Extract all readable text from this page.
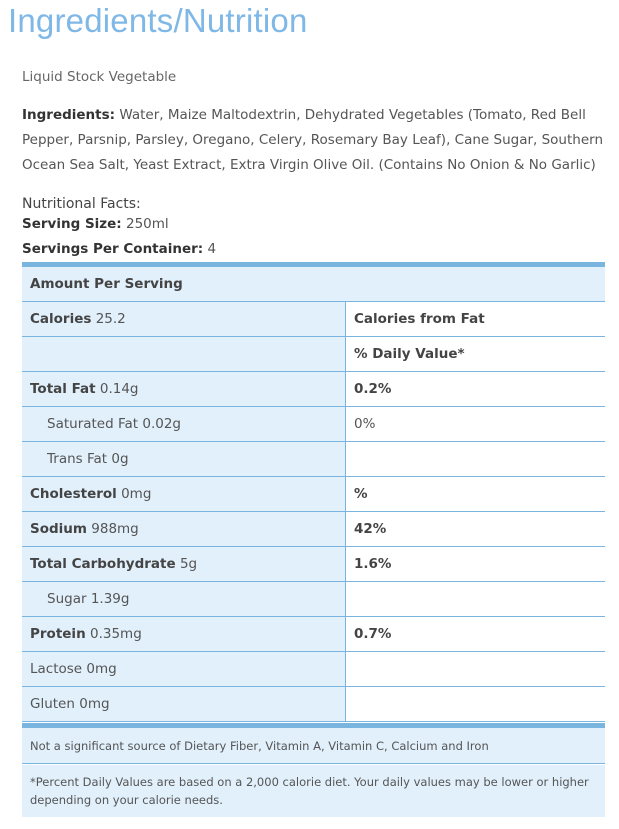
Ingredients/Nutrition
Liquid Stock Vegetable
Ingredients: Water, Maize Maltodextrin, Dehydrated Vegetables (Tomato, Red Bell Pepper, Parsnip, Parsley, Oregano, Celery, Rosemary Bay Leaf), Cane Sugar, Southern Ocean Sea Salt, Yeast Extract, Extra Virgin Olive Oil. (Contains No Onion & No Garlic)
Nutritional Facts:
Serving Size: 250ml
Servings Per Container: 4
Amount Per Serving	
Calories 25.2	Calories from Fat
	% Daily Value*
Total Fat 0.14g	0.2%
Saturated Fat 0.02g	0%
Trans Fat 0g	
Cholesterol 0mg	%
Sodium 988mg	42%
Total Carbohydrate 5g	1.6%
Sugar 1.39g	
Protein 0.35mg	0.7%
Lactose 0mg	
Gluten 0mg	
Not a significant source of Dietary Fiber, Vitamin A, Vitamin C, Calcium and Iron
*Percent Daily Values are based on a 2,000 calorie diet. Your daily values may be lower or higher depending on your calorie needs.
